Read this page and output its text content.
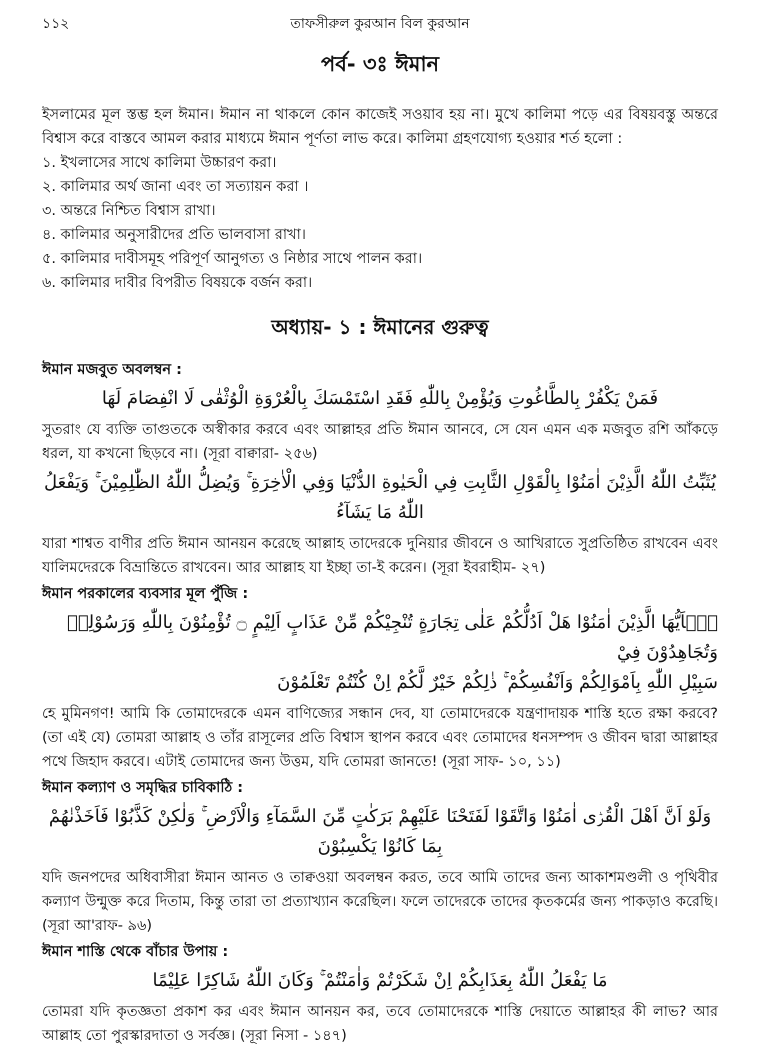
১১২	তাফসীরুল কুরআন বিল কুরআন
পর্ব- ৩ঃ ঈমান

ইসলামের মূল স্তম্ভ হল ঈমান। ঈমান না থাকলে কোন কাজেই সওয়াব হয় না। মুখে কালিমা পড়ে এর বিষয়বস্তু অন্তরে বিশ্বাস করে বাস্তবে আমল করার মাধ্যমে ঈমান পূর্ণতা লাভ করে। কালিমা গ্রহণযোগ্য হওয়ার শর্ত হলো :

১. ইখলাসের সাথে কালিমা উচ্চারণ করা।
২. কালিমার অর্থ জানা এবং তা সত্যায়ন করা ।
৩. অন্তরে নিশ্চিত বিশ্বাস রাখা।
৪. কালিমার অনুসারীদের প্রতি ভালবাসা রাখা।
৫. কালিমার দাবীসমূহ পরিপূর্ণ আনুগত্য ও নিষ্ঠার সাথে পালন করা।
৬. কালিমার দাবীর বিপরীত বিষয়কে বর্জন করা।
অধ্যায়- ১ : ঈমানের গুরুত্ব
ঈমান মজবুত অবলম্বন :
فَمَنْ يَكْفُرْ بِالطَّاغُوتِ وَيُؤْمِنْ بِاللّٰهِ فَقَدِ اسْتَمْسَكَ بِالْعُرْوَةِ الْوُثْقٰى لَا انْفِصَامَ لَهَا

সুতরাং যে ব্যক্তি তাগুতকে অস্বীকার করবে এবং আল্লাহর প্রতি ঈমান আনবে, সে যেন এমন এক মজবুত রশি আঁকড়ে ধরল, যা কখনো ছিড়বে না। (সূরা বাক্বারা- ২৫৬)

يُثَبِّتُ اللّٰهُ الَّذِيْنَ اٰمَنُوْا بِالْقَوْلِ الثَّابِتِ فِي الْحَيٰوةِ الدُّنْيَا وَفِي الْاٰخِرَةِ ۚ وَيُضِلُّ اللّٰهُ الظّٰلِمِيْنَ ۚ وَيَفْعَلُ اللّٰهُ مَا يَشَآءُ

যারা শাশ্বত বাণীর প্রতি ঈমান আনয়ন করেছে আল্লাহ তাদেরকে দুনিয়ার জীবনে ও আখিরাতে সুপ্রতিষ্ঠিত রাখবেন এবং যালিমদেরকে বিভ্রান্তিতে রাখবেন। আর আল্লাহ যা ইচ্ছা তা-ই করেন। (সূরা ইবরাহীম- ২৭)

ঈমান পরকালের ব্যবসার মূল পুঁজি :
يٰۤاَيُّهَا الَّذِيْنَ اٰمَنُوْا هَلْ اَدُلُّكُمْ عَلٰى تِجَارَةٍ تُنْجِيْكُمْ مِّنْ عَذَابٍ اَلِيْمٍ ۝ تُؤْمِنُوْنَ بِاللّٰهِ وَرَسُوْلِهٖ وَتُجَاهِدُوْنَ فِيْ
سَبِيْلِ اللّٰهِ بِاَمْوَالِكُمْ وَاَنْفُسِكُمْ ۚ ذٰلِكُمْ خَيْرٌ لَّكُمْ اِنْ كُنْتُمْ تَعْلَمُوْنَ

হে মুমিনগণ! আমি কি তোমাদেরকে এমন বাণিজ্যের সন্ধান দেব, যা তোমাদেরকে যন্ত্রণাদায়ক শাস্তি হতে রক্ষা করবে? (তা এই যে) তোমরা আল্লাহ ও তাঁর রাসূলের প্রতি বিশ্বাস স্থাপন করবে এবং তোমাদের ধনসম্পদ ও জীবন দ্বারা আল্লাহর পথে জিহাদ করবে। এটাই তোমাদের জন্য উত্তম, যদি তোমরা জানতে! (সূরা সাফ- ১০, ১১)

ঈমান কল্যাণ ও সমৃদ্ধির চাবিকাঠি :
وَلَوْ اَنَّ اَهْلَ الْقُرٰۤى اٰمَنُوْا وَاتَّقَوْا لَفَتَحْنَا عَلَيْهِمْ بَرَكٰتٍ مِّنَ السَّمَآءِ وَالْاَرْضِ ۚ وَلٰكِنْ كَذَّبُوْا فَاَخَذْنٰهُمْ بِمَا كَانُوْا يَكْسِبُوْنَ

যদি জনপদের অধিবাসীরা ঈমান আনত ও তাক্বওয়া অবলম্বন করত, তবে আমি তাদের জন্য আকাশমণ্ডলী ও পৃথিবীর কল্যাণ উন্মুক্ত করে দিতাম, কিন্তু তারা তা প্রত্যাখ্যান করেছিল। ফলে তাদেরকে তাদের কৃতকর্মের জন্য পাকড়াও করেছি। (সূরা আ'রাফ- ৯৬)

ঈমান শাস্তি থেকে বাঁচার উপায় :
مَا يَفْعَلُ اللّٰهُ بِعَذَابِكُمْ اِنْ شَكَرْتُمْ وَاٰمَنْتُمْ ۚ وَكَانَ اللّٰهُ شَاكِرًا عَلِيْمًا

তোমরা যদি কৃতজ্ঞতা প্রকাশ কর এবং ঈমান আনয়ন কর, তবে তোমাদেরকে শাস্তি দেয়াতে আল্লাহর কী লাভ? আর আল্লাহ তো পুরস্কারদাতা ও সর্বজ্ঞ। (সূরা নিসা - ১৪৭)
